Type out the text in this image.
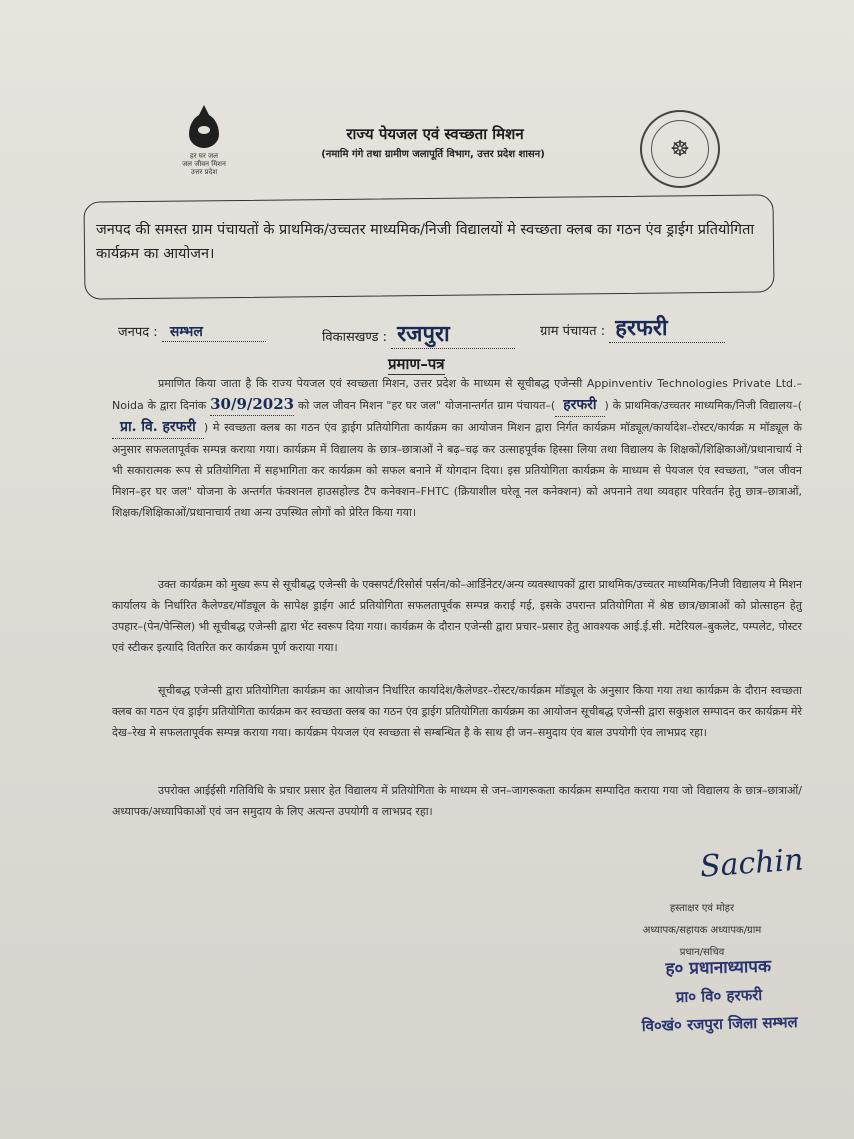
हर घर जल
जल जीवन मिशन
उत्तर प्रदेश
राज्य पेयजल एवं स्वच्छता मिशन
(नमामि गंगे तथा ग्रामीण जलापूर्ति विभाग, उत्तर प्रदेश शासन)	☸
जनपद की समस्त ग्राम पंचायतों के प्राथमिक/उच्चतर माध्यमिक/निजी विद्यालयों मे स्वच्छता क्लब का गठन एंव ड्राईग प्रतियोगिता कार्यक्रम का आयोजन।
जनपद : सम्भल	विकासखण्ड : रजपुरा	ग्राम पंचायत : हरफरी
प्रमाण–पत्र
प्रमाणित किया जाता है कि राज्य पेयजल एवं स्वच्छता मिशन, उत्तर प्रदेश के माध्यम से सूचीबद्ध एजेन्सी Appinventiv Technologies Private Ltd.– Noida के द्वारा दिनांक 30/9/2023 को जल जीवन मिशन "हर घर जल" योजनान्तर्गत ग्राम पंचायत–( हरफरी ) के प्राथमिक/उच्चतर माध्यमिक/निजी विद्यालय–(प्रा. वि. हरफरी ) मे स्वच्छता क्लब का गठन एंव ड्राईग प्रतियोगिता कार्यक्रम का आयोजन मिशन द्वारा निर्गत कार्यक्रम मॉड्यूल/कार्यादेश–रोस्टर/कार्यक्र म मॉड्यूल के अनुसार सफलतापूर्वक सम्पन्न कराया गया। कार्यक्रम में विद्यालय के छात्र–छात्राओं ने बढ़–चढ़ कर उत्साहपूर्वक हिस्सा लिया तथा विद्यालय के शिक्षकों/शिक्षिकाओं/प्रधानाचार्य ने भी सकारात्मक रूप से प्रतियोगिता में सहभागिता कर कार्यक्रम को सफल बनाने में योगदान दिया। इस प्रतियोगिता कार्यक्रम के माध्यम से पेयजल एंव स्वच्छता, "जल जीवन मिशन–हर घर जल" योजना के अन्तर्गत फंक्शनल हाउसहोल्ड टैप कनेक्शन–FHTC (क्रियाशील घरेलू नल कनेक्शन) को अपनाने तथा व्यवहार परिवर्तन हेतु छात्र–छात्राओं, शिक्षक/शिक्षिकाओं/प्रधानाचार्य तथा अन्य उपस्थित लोगों को प्रेरित किया गया।
उक्त कार्यक्रम को मुख्य रूप से सूचीबद्ध एजेन्सी के एक्सपर्ट/रिसोर्स पर्सन/को–आर्डिनेटर/अन्य व्यवस्थापकों द्वारा प्राथमिक/उच्चतर माध्यमिक/निजी विद्यालय मे मिशन कार्यालय के निर्धारित कैलेण्डर/मॉड्यूल के सापेक्ष ड्राईग आर्ट प्रतियोगिता सफलतापूर्वक सम्पन्न कराई गई, इसके उपरान्त प्रतियोगिता में श्रेष्ठ छात्र/छात्राओं को प्रोत्साहन हेतु उपहार–(पेन/पेन्सिल) भी सूचीबद्ध एजेन्सी द्वारा भेंट स्वरूप दिया गया। कार्यक्रम के दौरान एजेन्सी द्वारा प्रचार–प्रसार हेतु आवश्यक आई.ई.सी. मटेरियल–बुकलेट, पम्पलेट, पोस्टर एवं स्टीकर इत्यादि वितरित कर कार्यक्रम पूर्ण कराया गया।
सूचीबद्ध एजेन्सी द्वारा प्रतियोगिता कार्यक्रम का आयोजन निर्धारित कार्यादेश/कैलेण्डर–रोस्टर/कार्यक्रम मॉड्यूल के अनुसार किया गया तथा कार्यक्रम के दौरान स्वच्छता क्लब का गठन एंव ड्राईग प्रतियोगिता कार्यक्रम कर स्वच्छता क्लब का गठन एंव ड्राईग प्रतियोगिता कार्यक्रम का आयोजन सूचीबद्ध एजेन्सी द्वारा सकुशल सम्पादन कर कार्यक्रम मेरे देख–रेख मे सफलतापूर्वक सम्पन्न कराया गया। कार्यक्रम पेयजल एंव स्वच्छता से सम्बन्धित है के साथ ही जन–समुदाय एंव बाल उपयोगी एंव लाभप्रद रहा।
उपरोक्त आईईसी गतिविधि के प्रचार प्रसार हेत विद्यालय में प्रतियोगिता के माध्यम से जन–जागरूकता कार्यक्रम सम्पादित कराया गया जो विद्यालय के छात्र–छात्राओं/अध्यापक/अध्यापिकाओं एवं जन समुदाय के लिए अत्यन्त उपयोगी व लाभप्रद रहा।
Sachin
हस्ताक्षर एवं मोहर
अध्यापक/सहायक अध्यापक/ग्राम
प्रधान/सचिव
ह० प्रधानाध्यापक
प्रा० वि० हरफरी
वि०खं० रजपुरा जिला सम्भल
